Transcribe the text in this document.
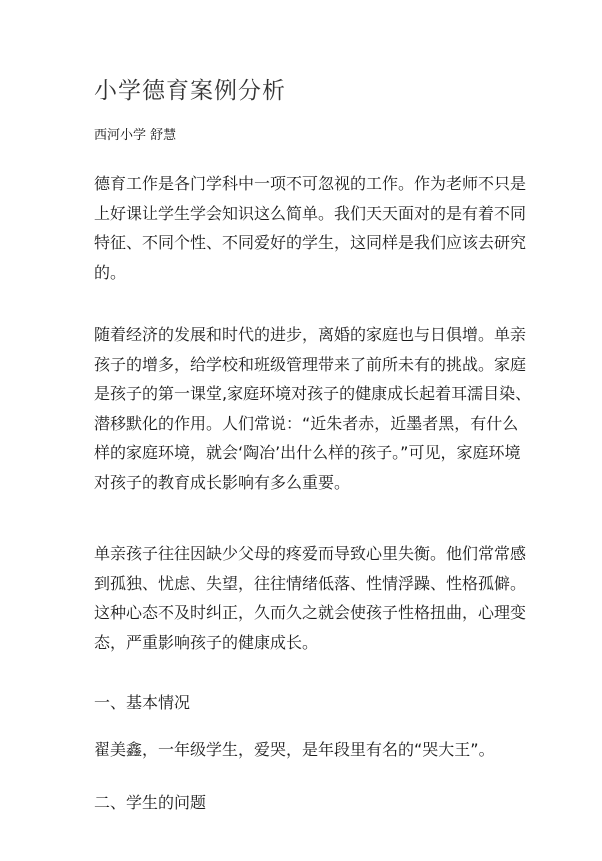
小学德育案例分析

西河小学 舒慧

德育工作是各门学科中一项不可忽视的工作。作为老师不只是
上好课让学生学会知识这么简单。我们天天面对的是有着不同
特征、不同个性、不同爱好的学生，这同样是我们应该去研究
的。

随着经济的发展和时代的进步，离婚的家庭也与日俱增。单亲
孩子的增多，给学校和班级管理带来了前所未有的挑战。家庭
是孩子的第一课堂,家庭环境对孩子的健康成长起着耳濡目染、
潜移默化的作用。人们常说：“近朱者赤，近墨者黑，有什么
样的家庭环境，就会‘陶冶’出什么样的孩子。”可见，家庭环境
对孩子的教育成长影响有多么重要。

单亲孩子往往因缺少父母的疼爱而导致心里失衡。他们常常感
到孤独、忧虑、失望，往往情绪低落、性情浮躁、性格孤僻。
这种心态不及时纠正，久而久之就会使孩子性格扭曲，心理变
态，严重影响孩子的健康成长。

一、基本情况

翟美鑫，一年级学生，爱哭，是年段里有名的“哭大王”。

二、学生的问题
